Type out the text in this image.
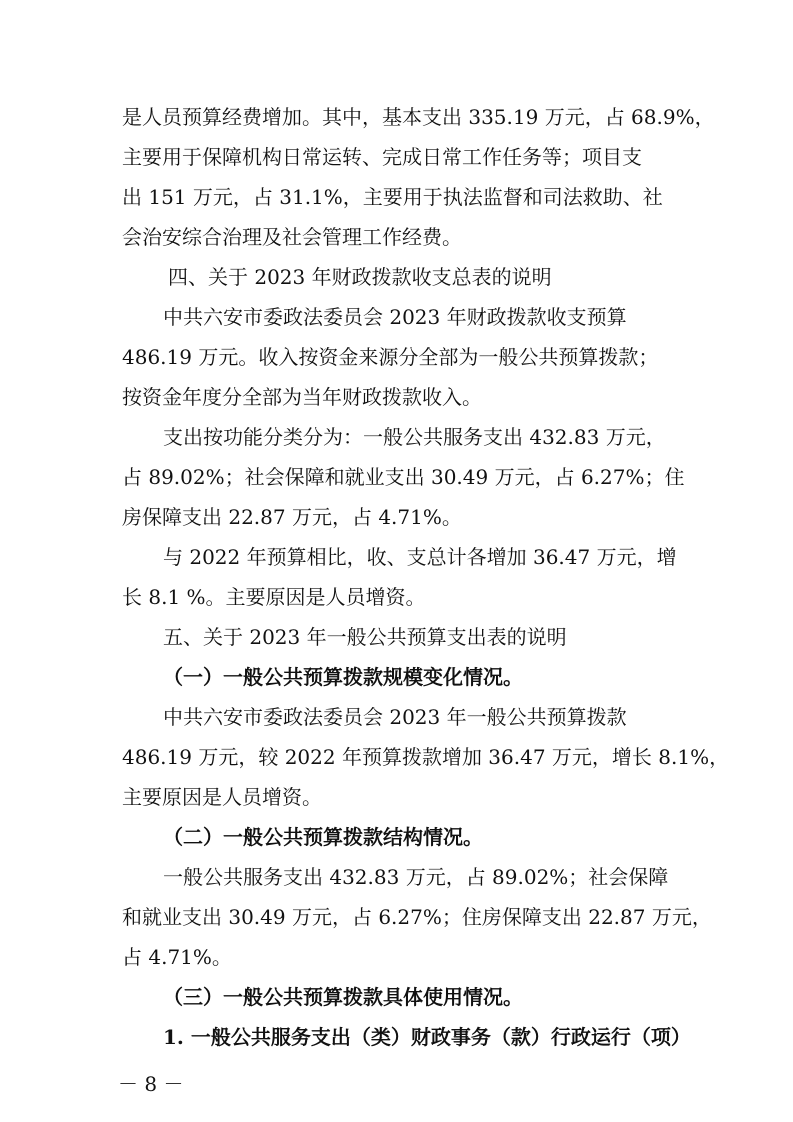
是人员预算经费增加。其中，基本支出 335.19 万元，占 68.9%，

主要用于保障机构日常运转、完成日常工作任务等；项目支

出 151 万元，占 31.1%，主要用于执法监督和司法救助、社

会治安综合治理及社会管理工作经费。

四、关于 2023 年财政拨款收支总表的说明

中共六安市委政法委员会 2023 年财政拨款收支预算

486.19 万元。收入按资金来源分全部为一般公共预算拨款；

按资金年度分全部为当年财政拨款收入。

支出按功能分类分为：一般公共服务支出 432.83 万元，

占 89.02%；社会保障和就业支出 30.49 万元，占 6.27%；住

房保障支出 22.87 万元，占 4.71%。

与 2022 年预算相比，收、支总计各增加 36.47 万元，增

长 8.1 %。主要原因是人员增资。

五、关于 2023 年一般公共预算支出表的说明

（一）一般公共预算拨款规模变化情况。

中共六安市委政法委员会 2023 年一般公共预算拨款

486.19 万元，较 2022 年预算拨款增加 36.47 万元，增长 8.1%，

主要原因是人员增资。

（二）一般公共预算拨款结构情况。

一般公共服务支出 432.83 万元，占 89.02%；社会保障

和就业支出 30.49 万元，占 6.27%；住房保障支出 22.87 万元，

占 4.71%。

（三）一般公共预算拨款具体使用情况。

1. 一般公共服务支出（类）财政事务（款）行政运行（项）

－ 8 －
